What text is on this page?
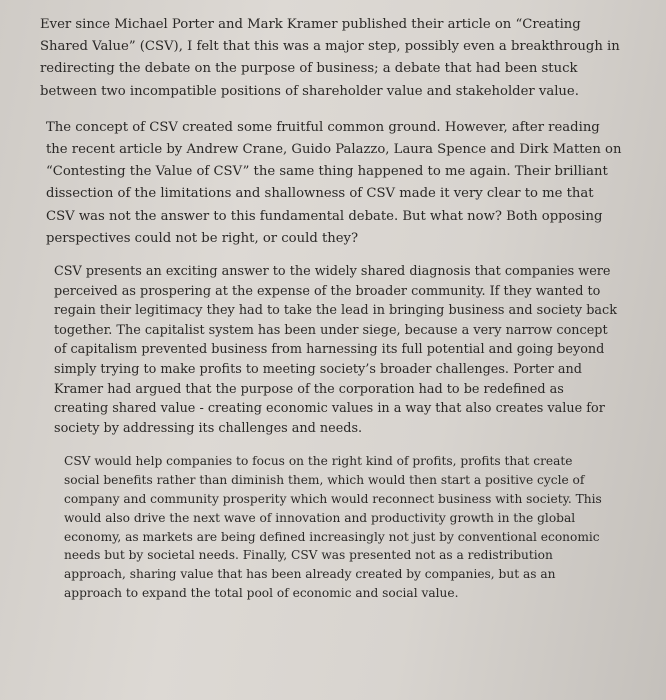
Ever since Michael Porter and Mark Kramer published their article on “Creating Shared Value” (CSV), I felt that this was a major step, possibly even a breakthrough in redirecting the debate on the purpose of business; a debate that had been stuck between two incompatible positions of shareholder value and stakeholder value.

The concept of CSV created some fruitful common ground. However, after reading the recent article by Andrew Crane, Guido Palazzo, Laura Spence and Dirk Matten on “Contesting the Value of CSV” the same thing happened to me again. Their brilliant dissection of the limitations and shallowness of CSV made it very clear to me that CSV was not the answer to this fundamental debate. But what now? Both opposing perspectives could not be right, or could they?

CSV presents an exciting answer to the widely shared diagnosis that companies were perceived as prospering at the expense of the broader community. If they wanted to regain their legitimacy they had to take the lead in bringing business and society back together. The capitalist system has been under siege, because a very narrow concept of capitalism prevented business from harnessing its full potential and going beyond simply trying to make profits to meeting society’s broader challenges. Porter and Kramer had argued that the purpose of the corporation had to be redefined as creating shared value - creating economic values in a way that also creates value for society by addressing its challenges and needs.

CSV would help companies to focus on the right kind of profits, profits that create social benefits rather than diminish them, which would then start a positive cycle of company and community prosperity which would reconnect business with society. This would also drive the next wave of innovation and productivity growth in the global economy, as markets are being defined increasingly not just by conventional economic needs but by societal needs. Finally, CSV was presented not as a redistribution approach, sharing value that has been already created by companies, but as an approach to expand the total pool of economic and social value.
